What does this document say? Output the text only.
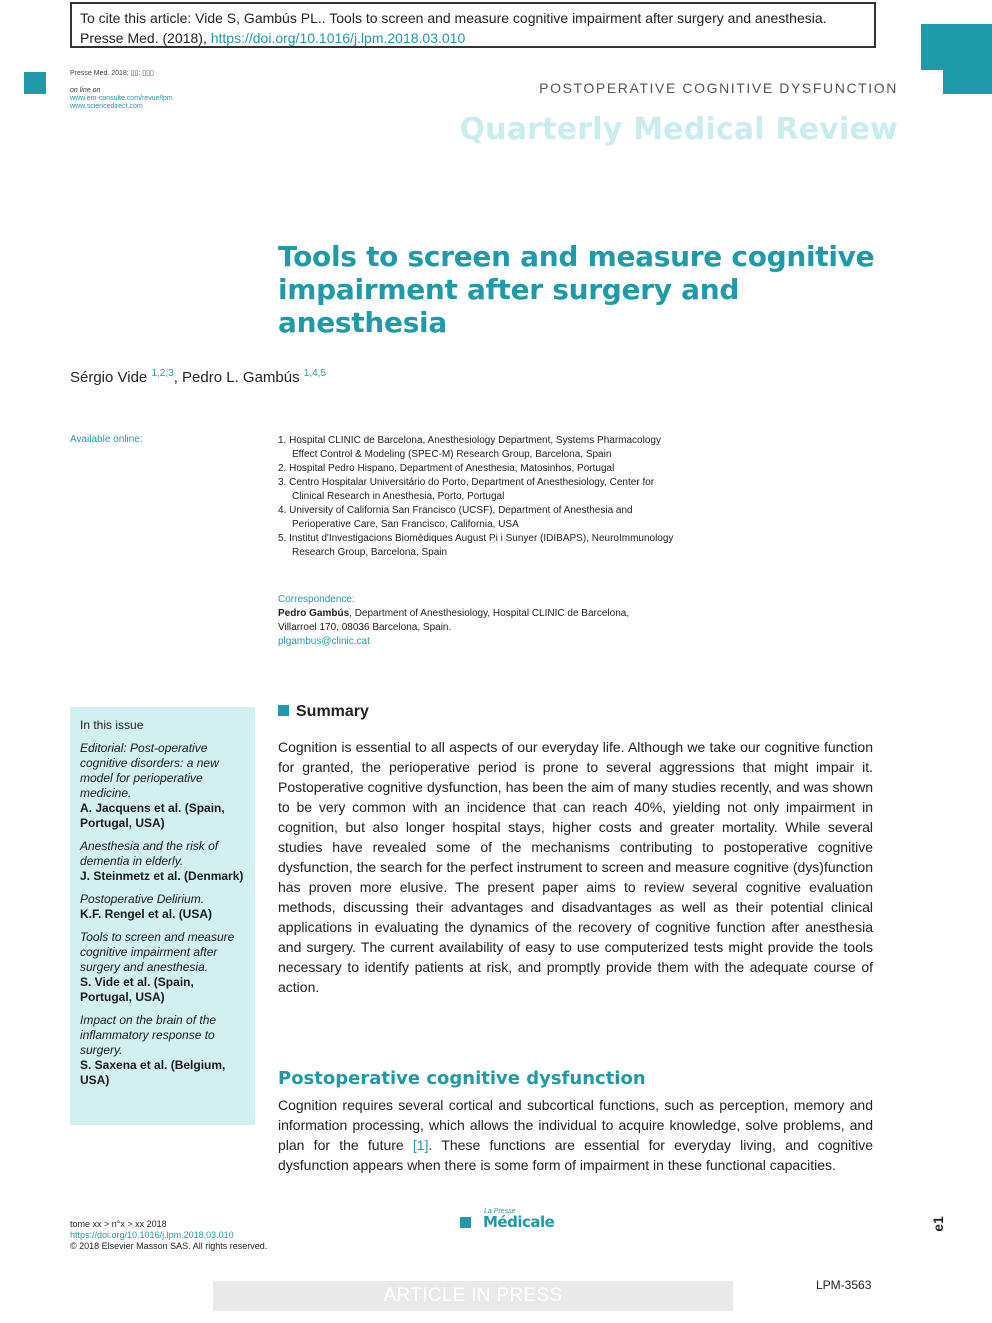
To cite this article: Vide S, Gambús PL.. Tools to screen and measure cognitive impairment after surgery and anesthesia. Presse Med. (2018), https://doi.org/10.1016/j.lpm.2018.03.010
Presse Med. 2018; ▯▯: ▯▯▯
on line on
www.em-consulte.com/revue/lpm
www.sciencedirect.com
POSTOPERATIVE COGNITIVE DYSFUNCTION
Quarterly Medical Review
Tools to screen and measure cognitive
impairment after surgery and anesthesia
Sérgio Vide $^{1,2,3}$, Pedro L. Gambús $^{1,4,5}$
Available online:	1. Hospital CLINIC de Barcelona, Anesthesiology Department, Systems Pharmacology Effect Control & Modeling (SPEC-M) Research Group, Barcelona, Spain
2. Hospital Pedro Hispano, Department of Anesthesia, Matosinhos, Portugal
3. Centro Hospitalar Universitário do Porto, Department of Anesthesiology, Center for Clinical Research in Anesthesia, Porto, Portugal
4. University of California San Francisco (UCSF), Department of Anesthesia and Perioperative Care, San Francisco, California, USA
5. Institut d'Investigacions Biomèdiques August Pi i Sunyer (IDIBAPS), NeuroImmunology Research Group, Barcelona, Spain
Correspondence:
Pedro Gambús, Department of Anesthesiology, Hospital CLINIC de Barcelona,
Villarroel 170, 08036 Barcelona, Spain.
plgambus@clinic.cat
In this issue
Editorial: Post-operative cognitive disorders: a new model for perioperative medicine.
A. Jacquens et al. (Spain, Portugal, USA)
Anesthesia and the risk of dementia in elderly.
J. Steinmetz et al. (Denmark)
Postoperative Delirium.
K.F. Rengel et al. (USA)
Tools to screen and measure cognitive impairment after surgery and anesthesia.
S. Vide et al. (Spain, Portugal, USA)
Impact on the brain of the inflammatory response to surgery.
S. Saxena et al. (Belgium, USA)
Summary
Cognition is essential to all aspects of our everyday life. Although we take our cognitive function for granted, the perioperative period is prone to several aggressions that might impair it. Postoperative cognitive dysfunction, has been the aim of many studies recently, and was shown to be very common with an incidence that can reach 40%, yielding not only impairment in cognition, but also longer hospital stays, higher costs and greater mortality. While several studies have revealed some of the mechanisms contributing to postoperative cognitive dysfunction, the search for the perfect instrument to screen and measure cognitive (dys)function has proven more elusive. The present paper aims to review several cognitive evaluation methods, discussing their advantages and disadvantages as well as their potential clinical applications in evaluating the dynamics of the recovery of cognitive function after anesthesia and surgery. The current availability of easy to use computerized tests might provide the tools necessary to identify patients at risk, and promptly provide them with the adequate course of action.
Postoperative cognitive dysfunction
Cognition requires several cortical and subcortical functions, such as perception, memory and information processing, which allows the individual to acquire knowledge, solve problems, and plan for the future [1]. These functions are essential for everyday living, and cognitive dysfunction appears when there is some form of impairment in these functional capacities.
tome xx > n°x > xx 2018
https://doi.org/10.1016/j.lpm.2018.03.010
© 2018 Elsevier Masson SAS. All rights reserved.
La Presse
Médicale	e1
ARTICLE IN PRESS	LPM-3563
